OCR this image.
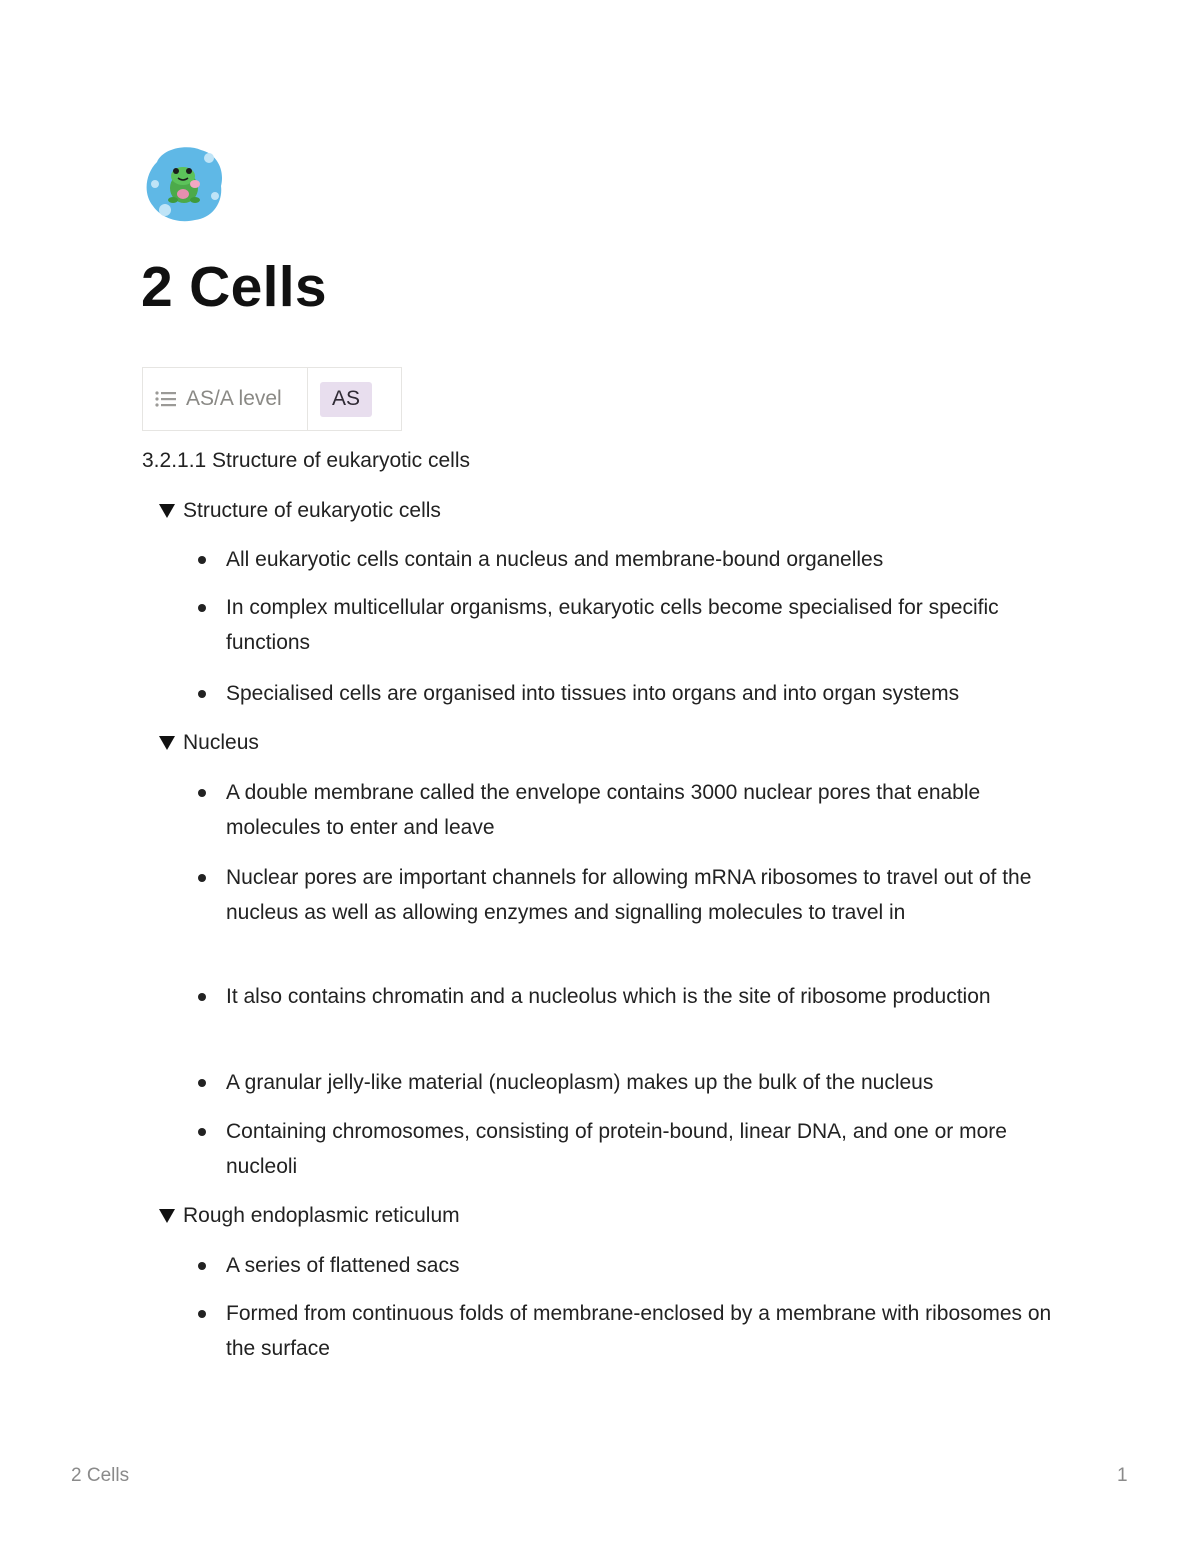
2 Cells
AS/A level	AS
3.2.1.1 Structure of eukaryotic cells
Structure of eukaryotic cells
All eukaryotic cells contain a nucleus and membrane-bound organelles
In complex multicellular organisms, eukaryotic cells become specialised for specific functions
Specialised cells are organised into tissues into organs and into organ systems
Nucleus
A double membrane called the envelope contains 3000 nuclear pores that enable molecules to enter and leave
Nuclear pores are important channels for allowing mRNA ribosomes to travel out of the nucleus as well as allowing enzymes and signalling molecules to travel in
It also contains chromatin and a nucleolus which is the site of ribosome production
A granular jelly-like material (nucleoplasm) makes up the bulk of the nucleus
Containing chromosomes, consisting of protein-bound, linear DNA, and one or more nucleoli
Rough endoplasmic reticulum
A series of flattened sacs
Formed from continuous folds of membrane-enclosed by a membrane with ribosomes on the surface
2 Cells	1
